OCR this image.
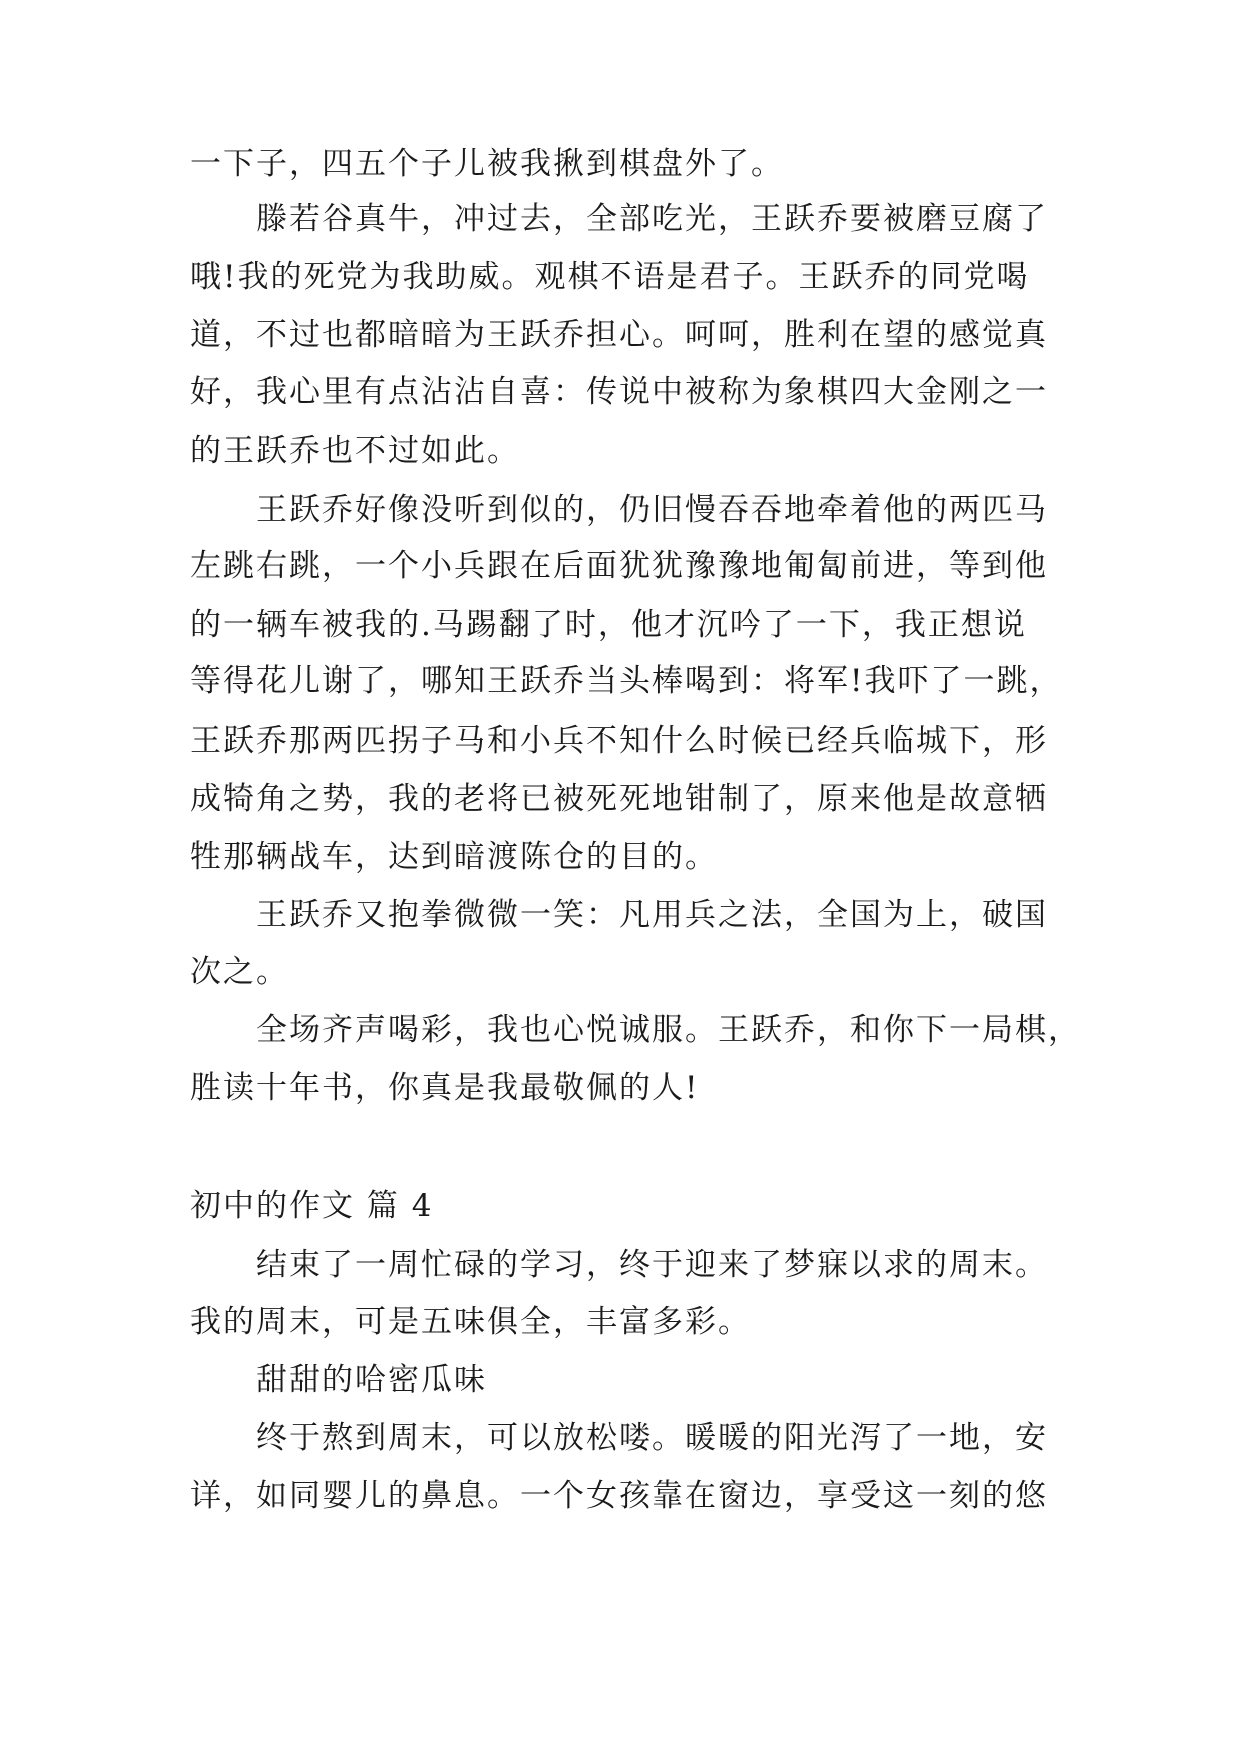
一下子，四五个子儿被我揪到棋盘外了。
滕若谷真牛，冲过去，全部吃光，王跃乔要被磨豆腐了
哦!我的死党为我助威。观棋不语是君子。王跃乔的同党喝
道，不过也都暗暗为王跃乔担心。呵呵，胜利在望的感觉真
好，我心里有点沾沾自喜：传说中被称为象棋四大金刚之一
的王跃乔也不过如此。
王跃乔好像没听到似的，仍旧慢吞吞地牵着他的两匹马
左跳右跳，一个小兵跟在后面犹犹豫豫地匍匐前进，等到他
的一辆车被我的.马踢翻了时，他才沉吟了一下，我正想说
等得花儿谢了，哪知王跃乔当头棒喝到：将军!我吓了一跳，
王跃乔那两匹拐子马和小兵不知什么时候已经兵临城下，形
成犄角之势，我的老将已被死死地钳制了，原来他是故意牺
牲那辆战车，达到暗渡陈仓的目的。
王跃乔又抱拳微微一笑：凡用兵之法，全国为上，破国
次之。
全场齐声喝彩，我也心悦诚服。王跃乔，和你下一局棋，
胜读十年书，你真是我最敬佩的人!
初中的作文 篇 4
结束了一周忙碌的学习，终于迎来了梦寐以求的周末。
我的周末，可是五味俱全，丰富多彩。
甜甜的哈密瓜味
终于熬到周末，可以放松喽。暖暖的阳光泻了一地，安
详，如同婴儿的鼻息。一个女孩靠在窗边，享受这一刻的悠
